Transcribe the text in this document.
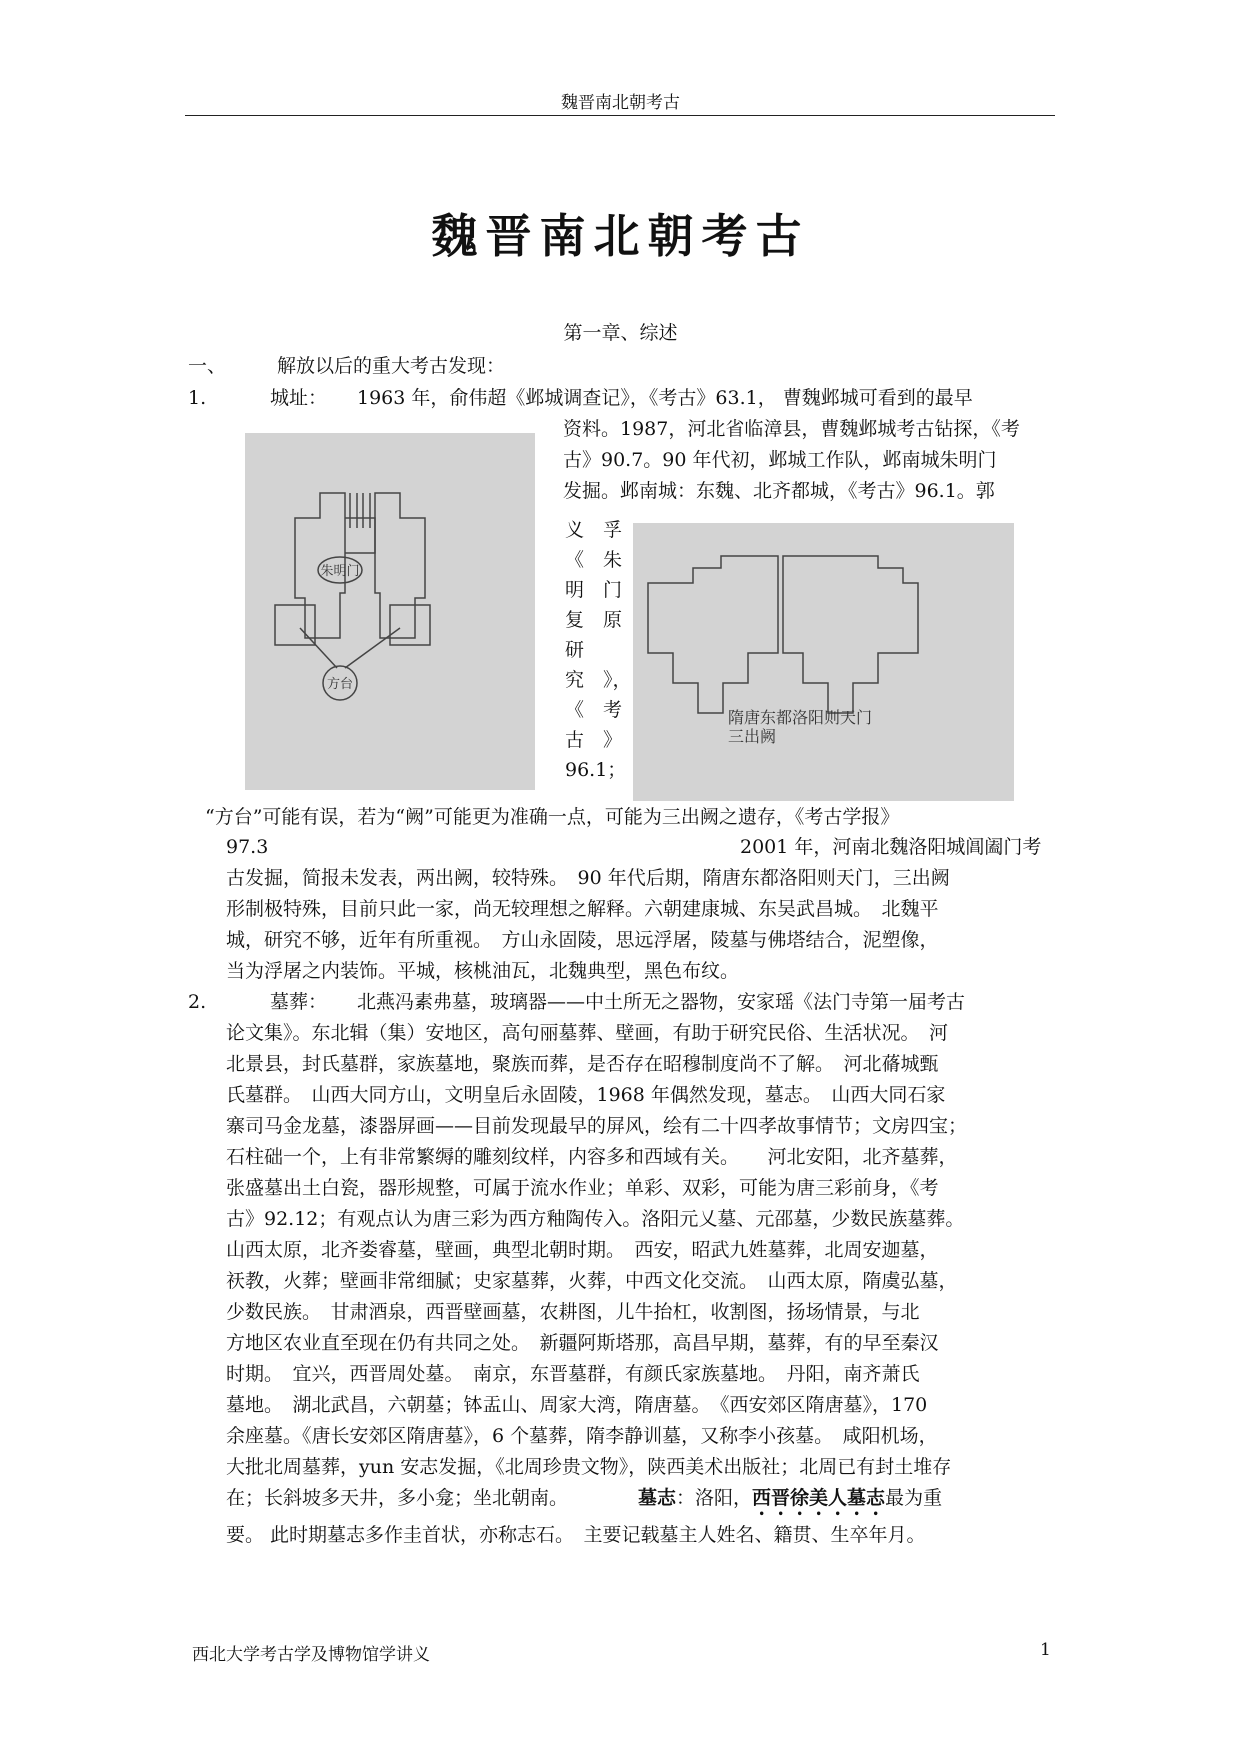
魏晋南北朝考古
魏晋南北朝考古
第一章、综述
一、	解放以后的重大考古发现：
1.	城址： 1963 年，俞伟超《邺城调查记》，《考古》63.1， 曹魏邺城可看到的最早
资料。1987，河北省临漳县，曹魏邺城考古钻探，《考
古》90.7。90 年代初，邺城工作队，邺南城朱明门
发掘。邺南城：东魏、北齐都城，《考古》96.1。郭
义　孚
《　朱
明　门
复　原
研
究　》，
《　考
古　》
96.1；
朱明门
方台
隋唐东都洛阳则天门
三出阙
“方台”可能有误，若为“阙”可能更为准确一点，可能为三出阙之遗存，《考古学报》
97.3	2001 年，河南北魏洛阳城阊阖门考
古发掘，简报未发表，两出阙，较特殊。　90 年代后期，隋唐东都洛阳则天门，三出阙
形制极特殊，目前只此一家，尚无较理想之解释。六朝建康城、东吴武昌城。　北魏平
城，研究不够，近年有所重视。　方山永固陵，思远浮屠，陵墓与佛塔结合，泥塑像，
当为浮屠之内装饰。平城，核桃油瓦，北魏典型，黑色布纹。
2.	墓葬： 北燕冯素弗墓，玻璃器——中土所无之器物，安家瑶《法门寺第一届考古
论文集》。东北辑（集）安地区，高句丽墓葬、壁画，有助于研究民俗、生活状况。　河
北景县，封氏墓群，家族墓地，聚族而葬，是否存在昭穆制度尚不了解。　河北蓨城甄
氏墓群。　山西大同方山，文明皇后永固陵，1968 年偶然发现，墓志。　山西大同石家
寨司马金龙墓，漆器屏画——目前发现最早的屏风，绘有二十四孝故事情节；文房四宝；
石柱础一个，上有非常繁缛的雕刻纹样，内容多和西域有关。　　河北安阳，北齐墓葬，
张盛墓出土白瓷，器形规整，可属于流水作业；单彩、双彩，可能为唐三彩前身，《考
古》92.12；有观点认为唐三彩为西方釉陶传入。洛阳元乂墓、元邵墓，少数民族墓葬。
山西太原，北齐娄睿墓，壁画，典型北朝时期。　西安，昭武九姓墓葬，北周安迦墓，
祆教，火葬；壁画非常细腻；史家墓葬，火葬，中西文化交流。　山西太原，隋虞弘墓，
少数民族。　甘肃酒泉，西晋壁画墓，农耕图，儿牛抬杠，收割图，扬场情景，与北
方地区农业直至现在仍有共同之处。　新疆阿斯塔那，高昌早期，墓葬，有的早至秦汉
时期。　宜兴，西晋周处墓。　南京，东晋墓群，有颜氏家族墓地。　丹阳，南齐萧氏
墓地。　湖北武昌，六朝墓；钵盂山、周家大湾，隋唐墓。　《西安郊区隋唐墓》，170
余座墓。《唐长安郊区隋唐墓》，6 个墓葬，隋李静训墓，又称李小孩墓。　咸阳机场，
大批北周墓葬，yun 安志发掘，《北周珍贵文物》，陕西美术出版社；北周已有封土堆存
在；长斜坡多天井，多小龛；坐北朝南。	墓志：洛阳，西晋徐美人墓志最为重
要。 此时期墓志多作圭首状，亦称志石。　主要记载墓主人姓名、籍贯、生卒年月。
西北大学考古学及博物馆学讲义	1
